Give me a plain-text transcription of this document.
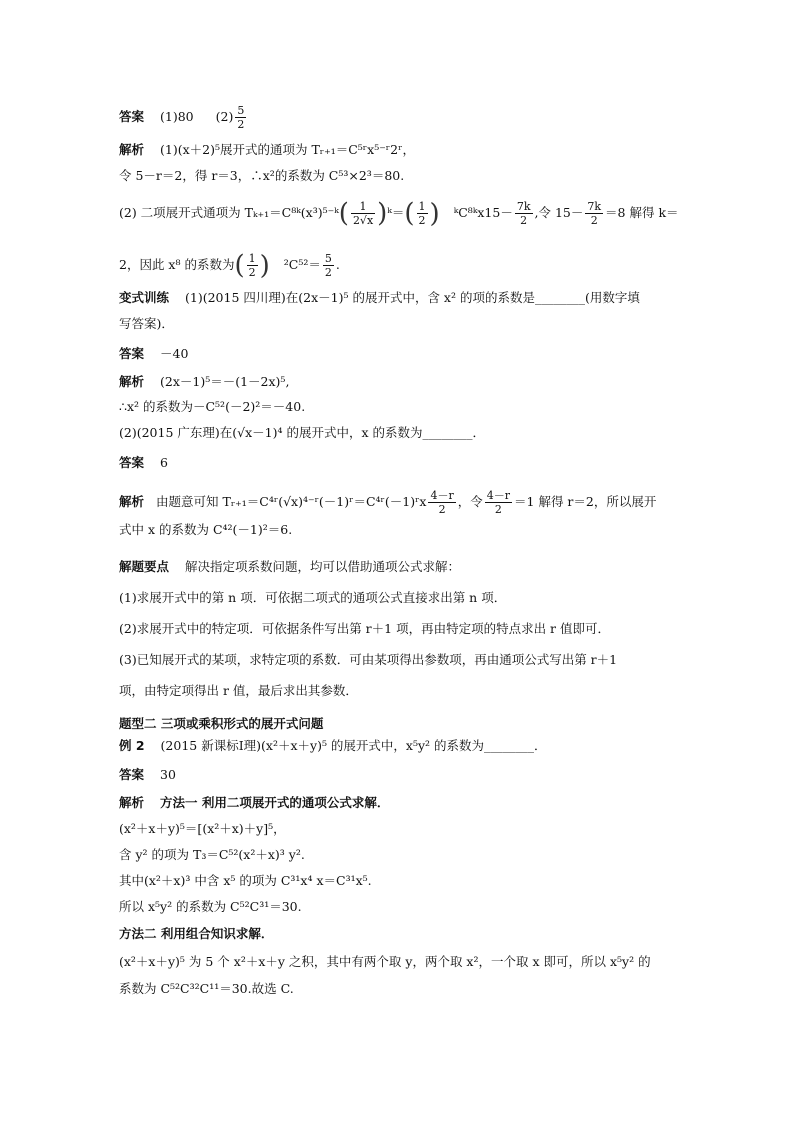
答案 (1)80 $(2) \frac{5}{2}$
解析 (1)(x＋2)⁵展开式的通项为 Tᵣ₊₁＝C⁵ʳx⁵⁻ʳ2ʳ，
令 5－r＝2，得 r＝3，∴x²的系数为 C⁵³×2³＝80.
(2) 二项展开式通项为 Tₖ₊₁＝C⁸ᵏ(x³)⁵⁻ᵏ( $\frac{1}{2√x}$ )ᵏ＝( $\frac{1}{2}$ ) ᵏC⁸ᵏx15－ $\frac{7k}{2}$ ,令 $15- \frac{7k}{2} =8$ 解得 k＝
2，因此 x⁸ 的系数为( $\frac{1}{2}$ ) $^2C^{52}= \frac{5}{2}$ .
变式训练 (1)(2015 四川理)在(2x－1)⁵ 的展开式中，含 x² 的项的系数是________(用数字填
写答案)．
答案 －40
解析 (2x－1)⁵＝－(1－2x)⁵,
∴x² 的系数为－C⁵²(－2)²＝－40.
(2)(2015 广东理)在(√x－1)⁴ 的展开式中，x 的系数为________．
答案 6
解析 由题意可知 Tᵣ₊₁＝C⁴ʳ(√x)⁴⁻ʳ(－1)ʳ＝C⁴ʳ(－1)ʳx $\frac{4-r}{2}$ ，令 $\frac{4-r}{2} =1$ 解得 r＝2，所以展开
式中 x 的系数为 C⁴²(－1)²＝6.
解题要点 解决指定项系数问题，均可以借助通项公式求解：
(1)求展开式中的第 n 项．可依据二项式的通项公式直接求出第 n 项．
(2)求展开式中的特定项．可依据条件写出第 r＋1 项，再由特定项的特点求出 r 值即可．
(3)已知展开式的某项，求特定项的系数．可由某项得出参数项，再由通项公式写出第 r＋1
项，由特定项得出 r 值，最后求出其参数．
题型二 三项或乘积形式的展开式问题
例 2 (2015 新课标Ⅰ理)(x²＋x＋y)⁵ 的展开式中，x⁵y² 的系数为________．
答案 30
解析 方法一 利用二项展开式的通项公式求解．
(x²＋x＋y)⁵＝[(x²＋x)＋y]⁵，
含 y² 的项为 T₃＝C⁵²(x²＋x)³ y².
其中(x²＋x)³ 中含 x⁵ 的项为 C³¹x⁴ x＝C³¹x⁵.
所以 x⁵y² 的系数为 C⁵²C³¹＝30.
方法二 利用组合知识求解．
(x²＋x＋y)⁵ 为 5 个 x²＋x＋y 之积，其中有两个取 y，两个取 x²，一个取 x 即可，所以 x⁵y² 的
系数为 C⁵²C³²C¹¹＝30.故选 C.
